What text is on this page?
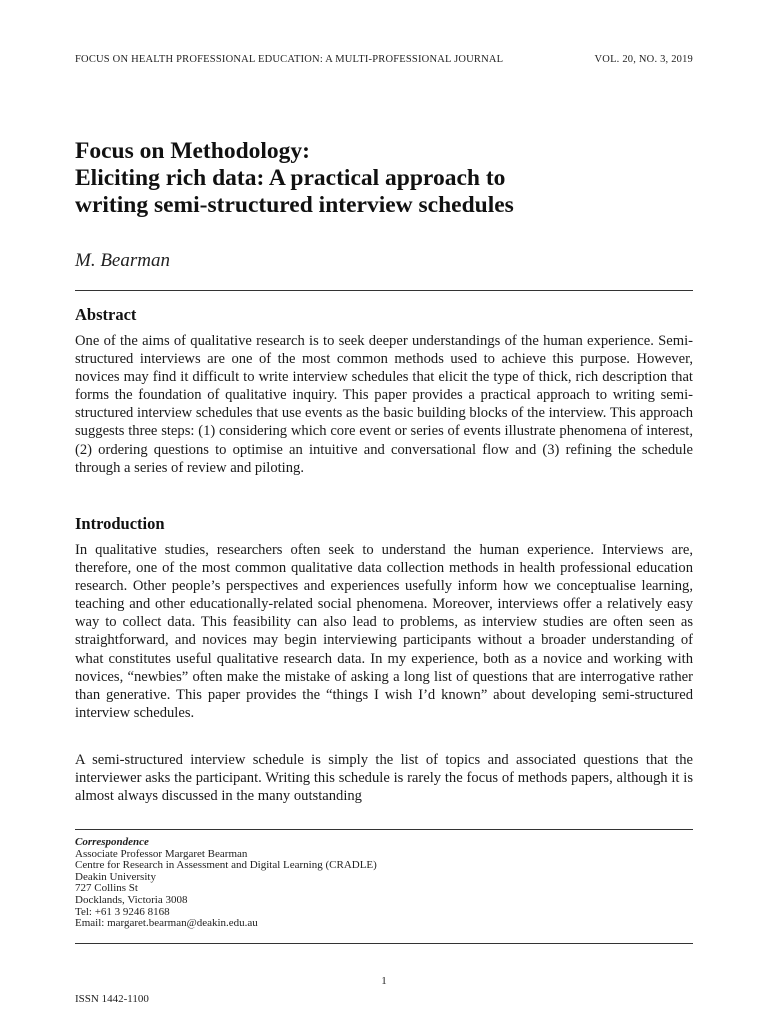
FOCUS ON HEALTH PROFESSIONAL EDUCATION: A MULTI-PROFESSIONAL JOURNAL	VOL. 20, NO. 3, 2019
Focus on Methodology:
Eliciting rich data: A practical approach to
writing semi-structured interview schedules
M. Bearman
Abstract
One of the aims of qualitative research is to seek deeper understandings of the human experience. Semi-structured interviews are one of the most common methods used to achieve this purpose. However, novices may find it difficult to write interview schedules that elicit the type of thick, rich description that forms the foundation of qualitative inquiry. This paper provides a practical approach to writing semi-structured interview schedules that use events as the basic building blocks of the interview. This approach suggests three steps: (1) considering which core event or series of events illustrate phenomena of interest, (2) ordering questions to optimise an intuitive and conversational flow and (3) refining the schedule through a series of review and piloting.
Introduction
In qualitative studies, researchers often seek to understand the human experience. Interviews are, therefore, one of the most common qualitative data collection methods in health professional education research. Other people’s perspectives and experiences usefully inform how we conceptualise learning, teaching and other educationally-related social phenomena. Moreover, interviews offer a relatively easy way to collect data. This feasibility can also lead to problems, as interview studies are often seen as straightforward, and novices may begin interviewing participants without a broader understanding of what constitutes useful qualitative research data. In my experience, both as a novice and working with novices, “newbies” often make the mistake of asking a long list of questions that are interrogative rather than generative. This paper provides the “things I wish I’d known” about developing semi-structured interview schedules.
A semi-structured interview schedule is simply the list of topics and associated questions that the interviewer asks the participant. Writing this schedule is rarely the focus of methods papers, although it is almost always discussed in the many outstanding
Correspondence
Associate Professor Margaret Bearman
Centre for Research in Assessment and Digital Learning (CRADLE)
Deakin University
727 Collins St
Docklands, Victoria 3008
Tel: +61 3 9246 8168
Email: margaret.bearman@deakin.edu.au
1
ISSN 1442-1100
